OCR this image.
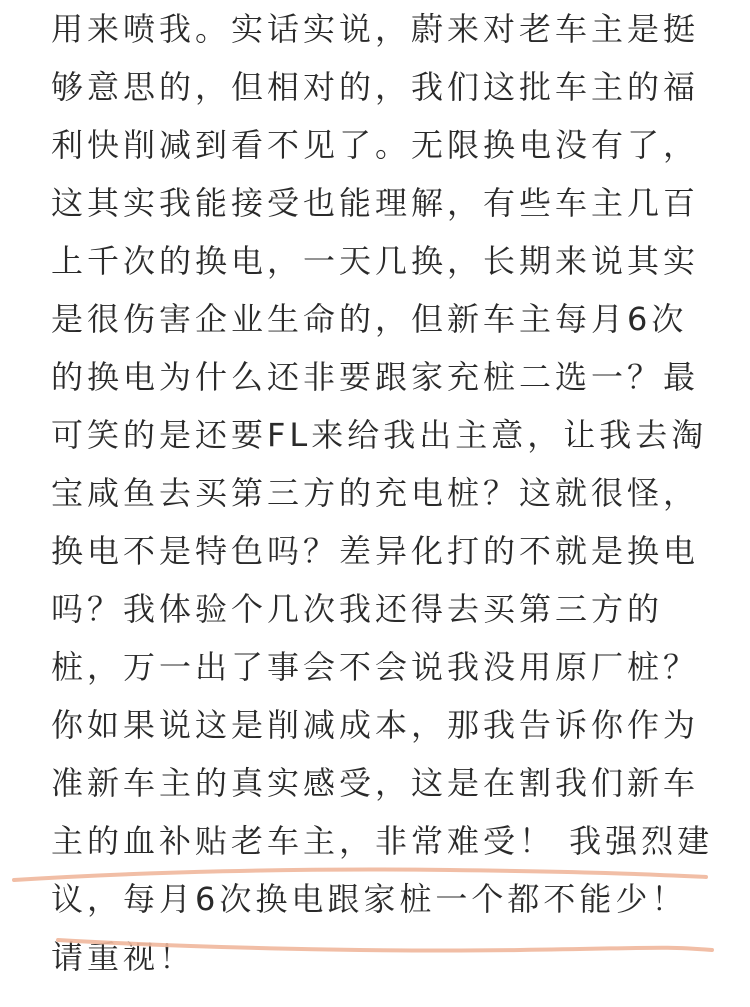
用来喷我。实话实说，蔚来对老车主是挺
够意思的，但相对的，我们这批车主的福
利快削减到看不见了。无限换电没有了，
这其实我能接受也能理解，有些车主几百
上千次的换电，一天几换，长期来说其实
是很伤害企业生命的，但新车主每月6次
的换电为什么还非要跟家充桩二选一？最
可笑的是还要FL来给我出主意，让我去淘
宝咸鱼去买第三方的充电桩？这就很怪，
换电不是特色吗？差异化打的不就是换电
吗？我体验个几次我还得去买第三方的
桩，万一出了事会不会说我没用原厂桩？
你如果说这是削减成本，那我告诉你作为
准新车主的真实感受，这是在割我们新车
主的血补贴老车主，非常难受！ 我强烈建
议，每月6次换电跟家桩一个都不能少！
请重视！
